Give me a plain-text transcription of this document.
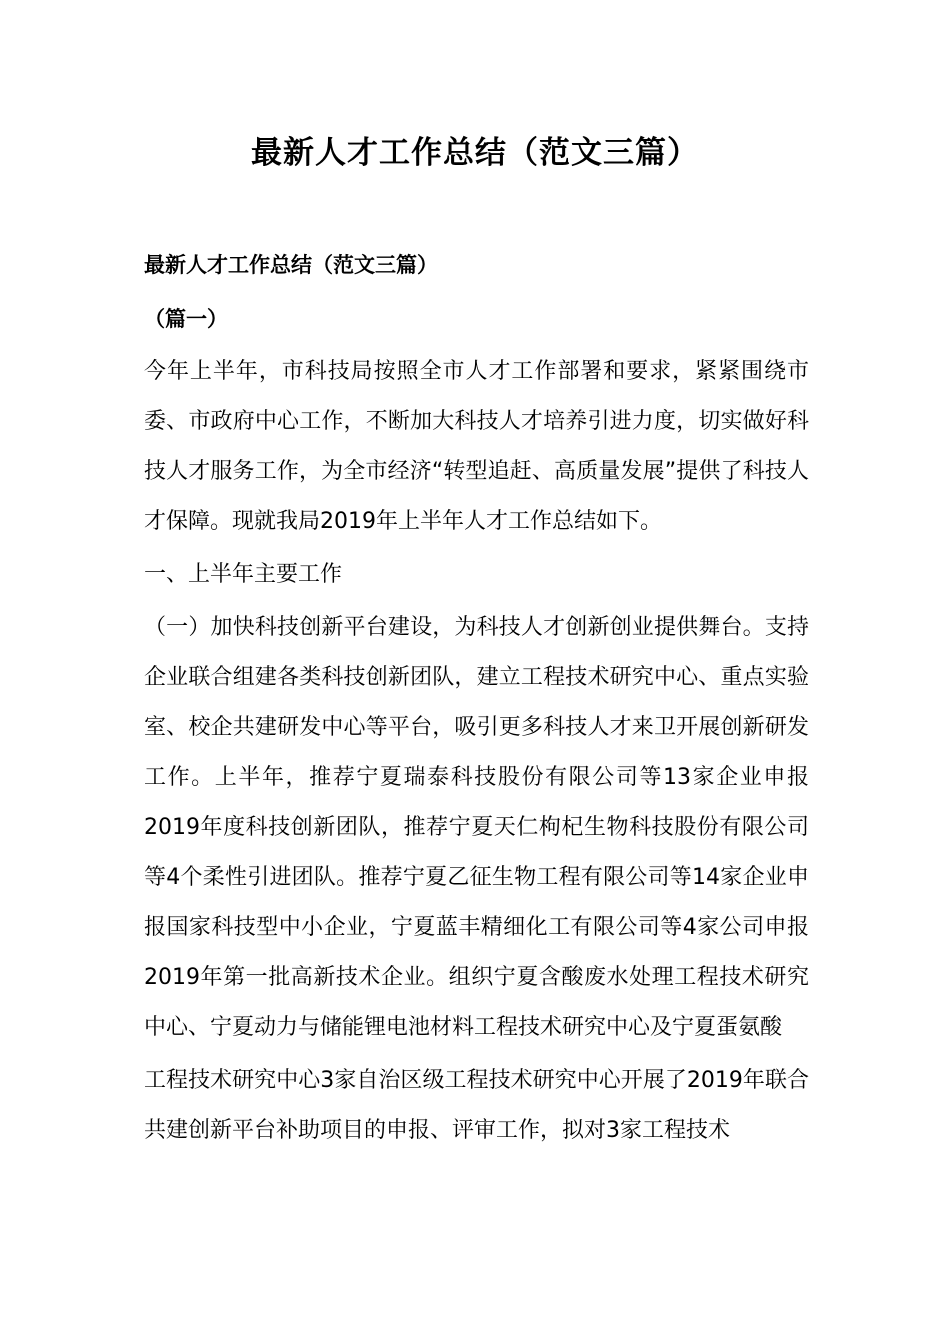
最新人才工作总结（范文三篇）
最新人才工作总结（范文三篇）
（篇一）

今年上半年，市科技局按照全市人才工作部署和要求，紧紧围绕市委、市政府中心工作，不断加大科技人才培养引进力度，切实做好科技人才服务工作，为全市经济“转型追赶、高质量发展”提供了科技人才保障。现就我局2019年上半年人才工作总结如下。

一、上半年主要工作

（一）加快科技创新平台建设，为科技人才创新创业提供舞台。支持企业联合组建各类科技创新团队，建立工程技术研究中心、重点实验室、校企共建研发中心等平台，吸引更多科技人才来卫开展创新研发工作。上半年，推荐宁夏瑞泰科技股份有限公司等13家企业申报2019年度科技创新团队，推荐宁夏天仁枸杞生物科技股份有限公司等4个柔性引进团队。推荐宁夏乙征生物工程有限公司等14家企业申报国家科技型中小企业，宁夏蓝丰精细化工有限公司等4家公司申报2019年第一批高新技术企业。组织宁夏含酸废水处理工程技术研究中心、宁夏动力与储能锂电池材料工程技术研究中心及宁夏蛋氨酸

工程技术研究中心3家自治区级工程技术研究中心开展了2019年联合共建创新平台补助项目的申报、评审工作，拟对3家工程技术
